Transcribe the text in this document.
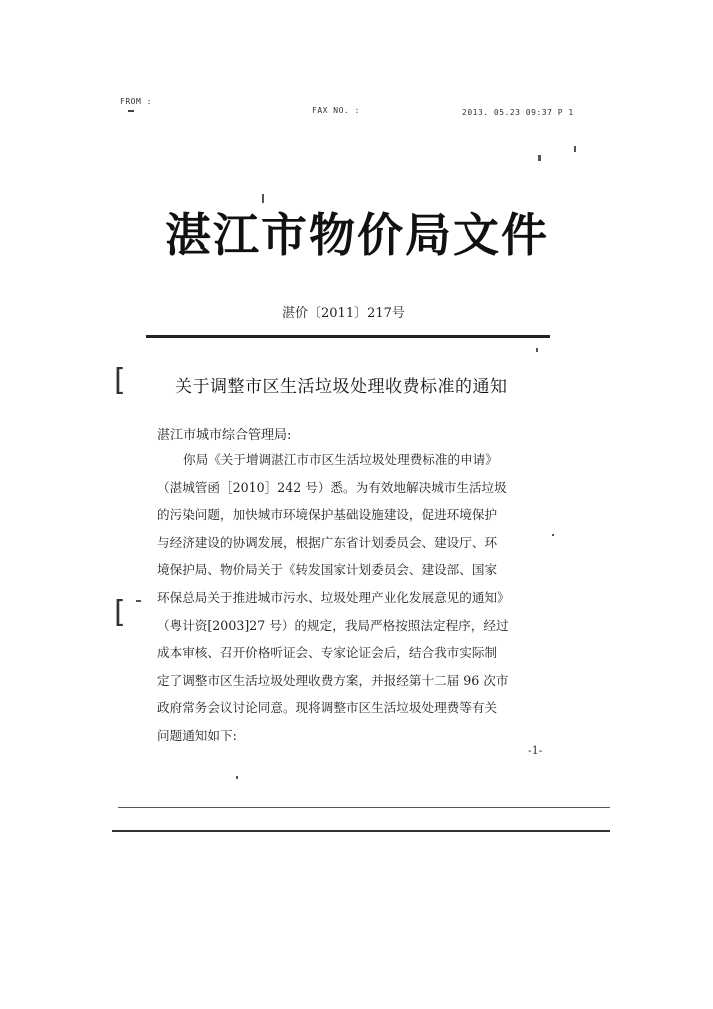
FROM :
FAX NO. :	2013. 05.23 09:37 P 1
湛江市物价局文件
湛价〔2011〕217号
关于调整市区生活垃圾处理收费标准的通知
湛江市城市综合管理局:
你局《关于增调湛江市市区生活垃圾处理费标准的申请》
（湛城管函［2010］242 号）悉。为有效地解决城市生活垃圾
的污染问题，加快城市环境保护基础设施建设，促进环境保护
与经济建设的协调发展，根据广东省计划委员会、建设厅、环
境保护局、物价局关于《转发国家计划委员会、建设部、国家
环保总局关于推进城市污水、垃圾处理产业化发展意见的通知》
（粤计资[2003]27 号）的规定，我局严格按照法定程序，经过
成本审核、召开价格听证会、专家论证会后，结合我市实际制
定了调整市区生活垃圾处理收费方案，并报经第十二届 96 次市
政府常务会议讨论同意。现将调整市区生活垃圾处理费等有关
问题通知如下:
-1-
[
[
